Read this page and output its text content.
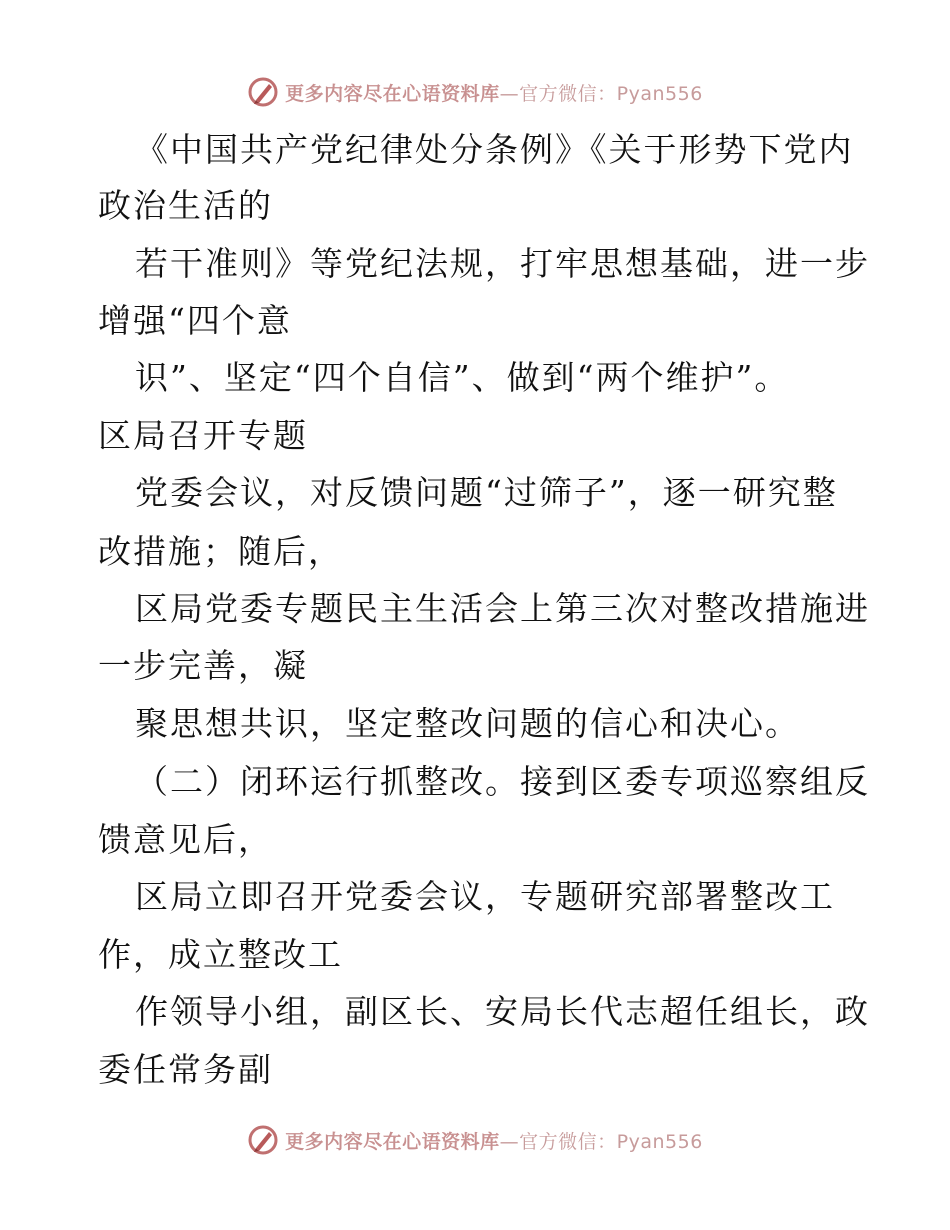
更多内容尽在心语资料库—官方微信：Pyan556
《中国共产党纪律处分条例》《关于形势下党内
政治生活的
若干准则》等党纪法规，打牢思想基础，进一步
增强“四个意
识”、坚定“四个自信”、做到“两个维护”。
区局召开专题
党委会议，对反馈问题“过筛子”，逐一研究整
改措施；随后，
区局党委专题民主生活会上第三次对整改措施进
一步完善，凝
聚思想共识，坚定整改问题的信心和决心。
（二）闭环运行抓整改。接到区委专项巡察组反
馈意见后，
区局立即召开党委会议，专题研究部署整改工
作，成立整改工
作领导小组，副区长、安局长代志超任组长，政
委任常务副
更多内容尽在心语资料库—官方微信：Pyan556
